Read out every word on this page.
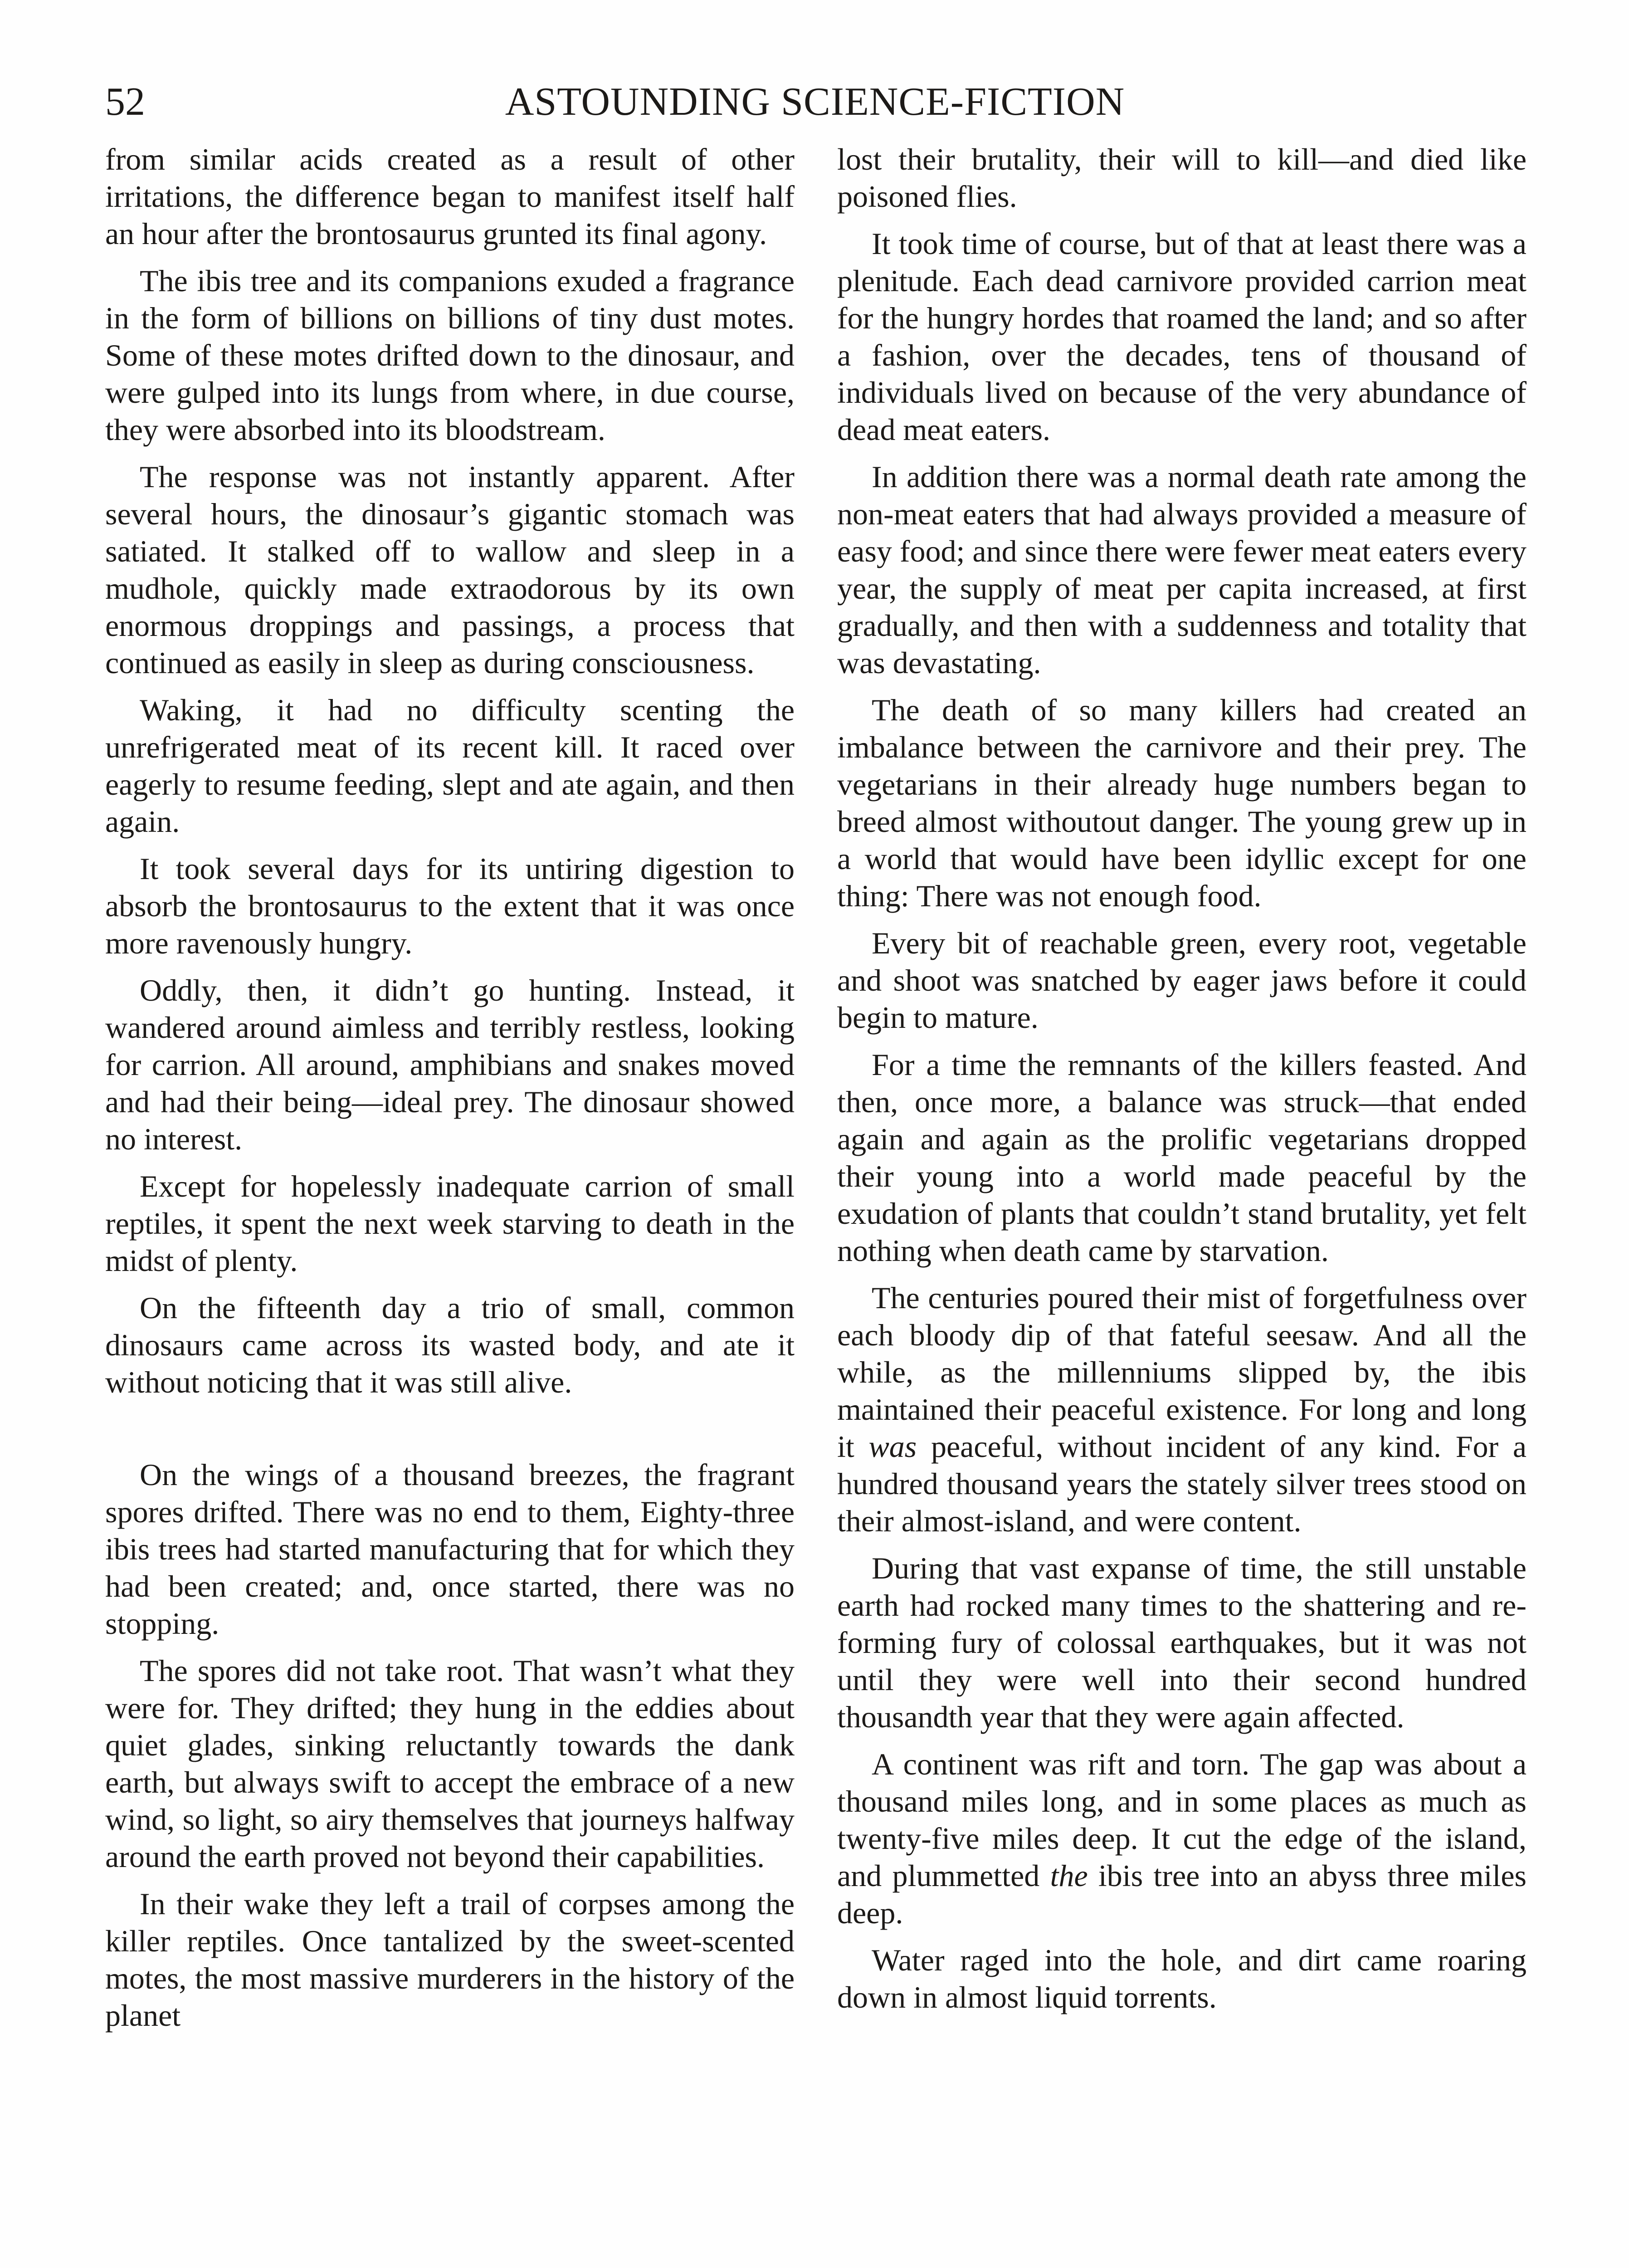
52	ASTOUNDING SCIENCE-FICTION

from similar acids created as a result of other irritations, the difference began to manifest itself half an hour after the brontosaurus grunted its final agony.

The ibis tree and its companions exuded a fragrance in the form of billions on billions of tiny dust motes. Some of these motes drifted down to the dinosaur, and were gulped into its lungs from where, in due course, they were absorbed into its bloodstream.

The response was not instantly apparent. After several hours, the dinosaur’s gigantic stomach was satiated. It stalked off to wallow and sleep in a mudhole, quickly made extraodorous by its own enormous droppings and passings, a process that continued as easily in sleep as during consciousness.

Waking, it had no difficulty scenting the unrefrigerated meat of its recent kill. It raced over eagerly to resume feeding, slept and ate again, and then again.

It took several days for its untiring digestion to absorb the brontosaurus to the extent that it was once more ravenously hungry.

Oddly, then, it didn’t go hunting. Instead, it wandered around aimless and terribly restless, looking for carrion. All around, amphibians and snakes moved and had their being—ideal prey. The dinosaur showed no interest.

Except for hopelessly inadequate carrion of small reptiles, it spent the next week starving to death in the midst of plenty.

On the fifteenth day a trio of small, common dinosaurs came across its wasted body, and ate it without noticing that it was still alive.

On the wings of a thousand breezes, the fragrant spores drifted. There was no end to them, Eighty-three ibis trees had started manufacturing that for which they had been created; and, once started, there was no stopping.

The spores did not take root. That wasn’t what they were for. They drifted; they hung in the eddies about quiet glades, sinking reluctantly towards the dank earth, but always swift to accept the embrace of a new wind, so light, so airy themselves that journeys halfway around the earth proved not beyond their capabilities.

In their wake they left a trail of corpses among the killer reptiles. Once tantalized by the sweet-scented motes, the most massive murderers in the history of the planet

lost their brutality, their will to kill—and died like poisoned flies.

It took time of course, but of that at least there was a plenitude. Each dead carnivore provided carrion meat for the hungry hordes that roamed the land; and so after a fashion, over the decades, tens of thousand of individuals lived on because of the very abundance of dead meat eaters.

In addition there was a normal death rate among the non-meat eaters that had always provided a measure of easy food; and since there were fewer meat eaters every year, the supply of meat per capita increased, at first gradually, and then with a suddenness and totality that was devastating.

The death of so many killers had created an imbalance between the carnivore and their prey. The vegetarians in their already huge numbers began to breed almost withoutout danger. The young grew up in a world that would have been idyllic except for one thing: There was not enough food.

Every bit of reachable green, every root, vegetable and shoot was snatched by eager jaws before it could begin to mature.

For a time the remnants of the killers feasted. And then, once more, a balance was struck—that ended again and again as the prolific vegetarians dropped their young into a world made peaceful by the exudation of plants that couldn’t stand brutality, yet felt nothing when death came by starvation.

The centuries poured their mist of forgetfulness over each bloody dip of that fateful seesaw. And all the while, as the millenniums slipped by, the ibis maintained their peaceful existence. For long and long it was peaceful, without incident of any kind. For a hundred thousand years the stately silver trees stood on their almost-island, and were content.

During that vast expanse of time, the still unstable earth had rocked many times to the shattering and re-forming fury of colossal earthquakes, but it was not until they were well into their second hundred thousandth year that they were again affected.

A continent was rift and torn. The gap was about a thousand miles long, and in some places as much as twenty-five miles deep. It cut the edge of the island, and plummetted the ibis tree into an abyss three miles deep.

Water raged into the hole, and dirt came roaring down in almost liquid torrents.
